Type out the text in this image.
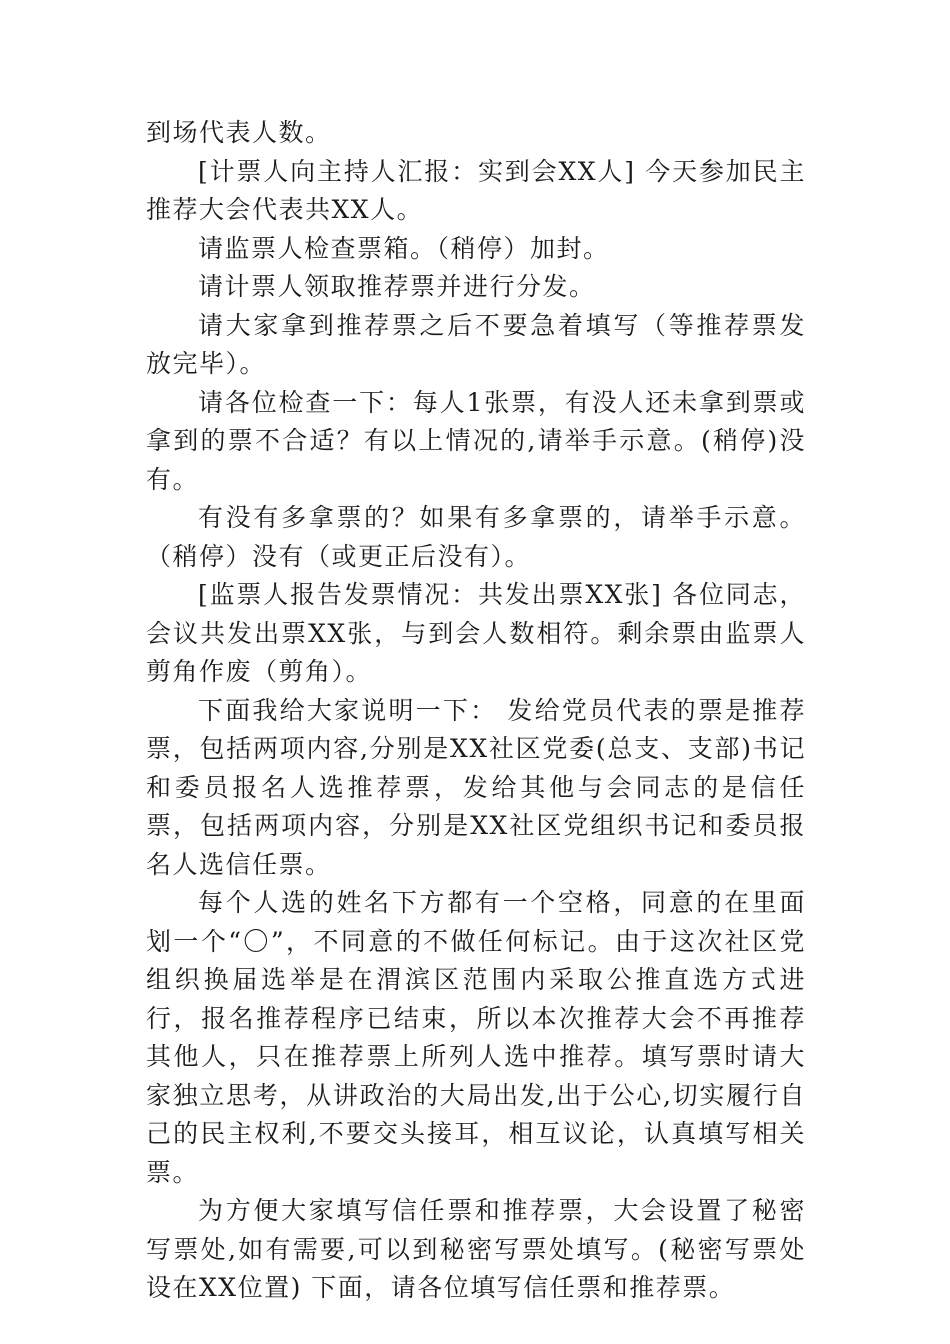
到场代表人数。

[计票人向主持人汇报：实到会XX人] 今天参加民主推荐大会代表共XX人。

请监票人检查票箱。（稍停）加封。

请计票人领取推荐票并进行分发。

请大家拿到推荐票之后不要急着填写（等推荐票发放完毕）。

请各位检查一下：每人1张票，有没人还未拿到票或拿到的票不合适？有以上情况的,请举手示意。(稍停)没有。

有没有多拿票的？如果有多拿票的，请举手示意。（稍停）没有（或更正后没有）。

[监票人报告发票情况：共发出票XX张] 各位同志，会议共发出票XX张，与到会人数相符。剩余票由监票人剪角作废（剪角）。

下面我给大家说明一下： 发给党员代表的票是推荐票，包括两项内容,分别是XX社区党委(总支、支部)书记和委员报名人选推荐票，发给其他与会同志的是信任票，包括两项内容，分别是XX社区党组织书记和委员报名人选信任票。

每个人选的姓名下方都有一个空格，同意的在里面划一个“〇”，不同意的不做任何标记。由于这次社区党组织换届选举是在渭滨区范围内采取公推直选方式进行，报名推荐程序已结束，所以本次推荐大会不再推荐其他人，只在推荐票上所列人选中推荐。填写票时请大家独立思考，从讲政治的大局出发,出于公心,切实履行自己的民主权利,不要交头接耳，相互议论，认真填写相关票。

为方便大家填写信任票和推荐票，大会设置了秘密写票处,如有需要,可以到秘密写票处填写。(秘密写票处设在XX位置) 下面，请各位填写信任票和推荐票。
